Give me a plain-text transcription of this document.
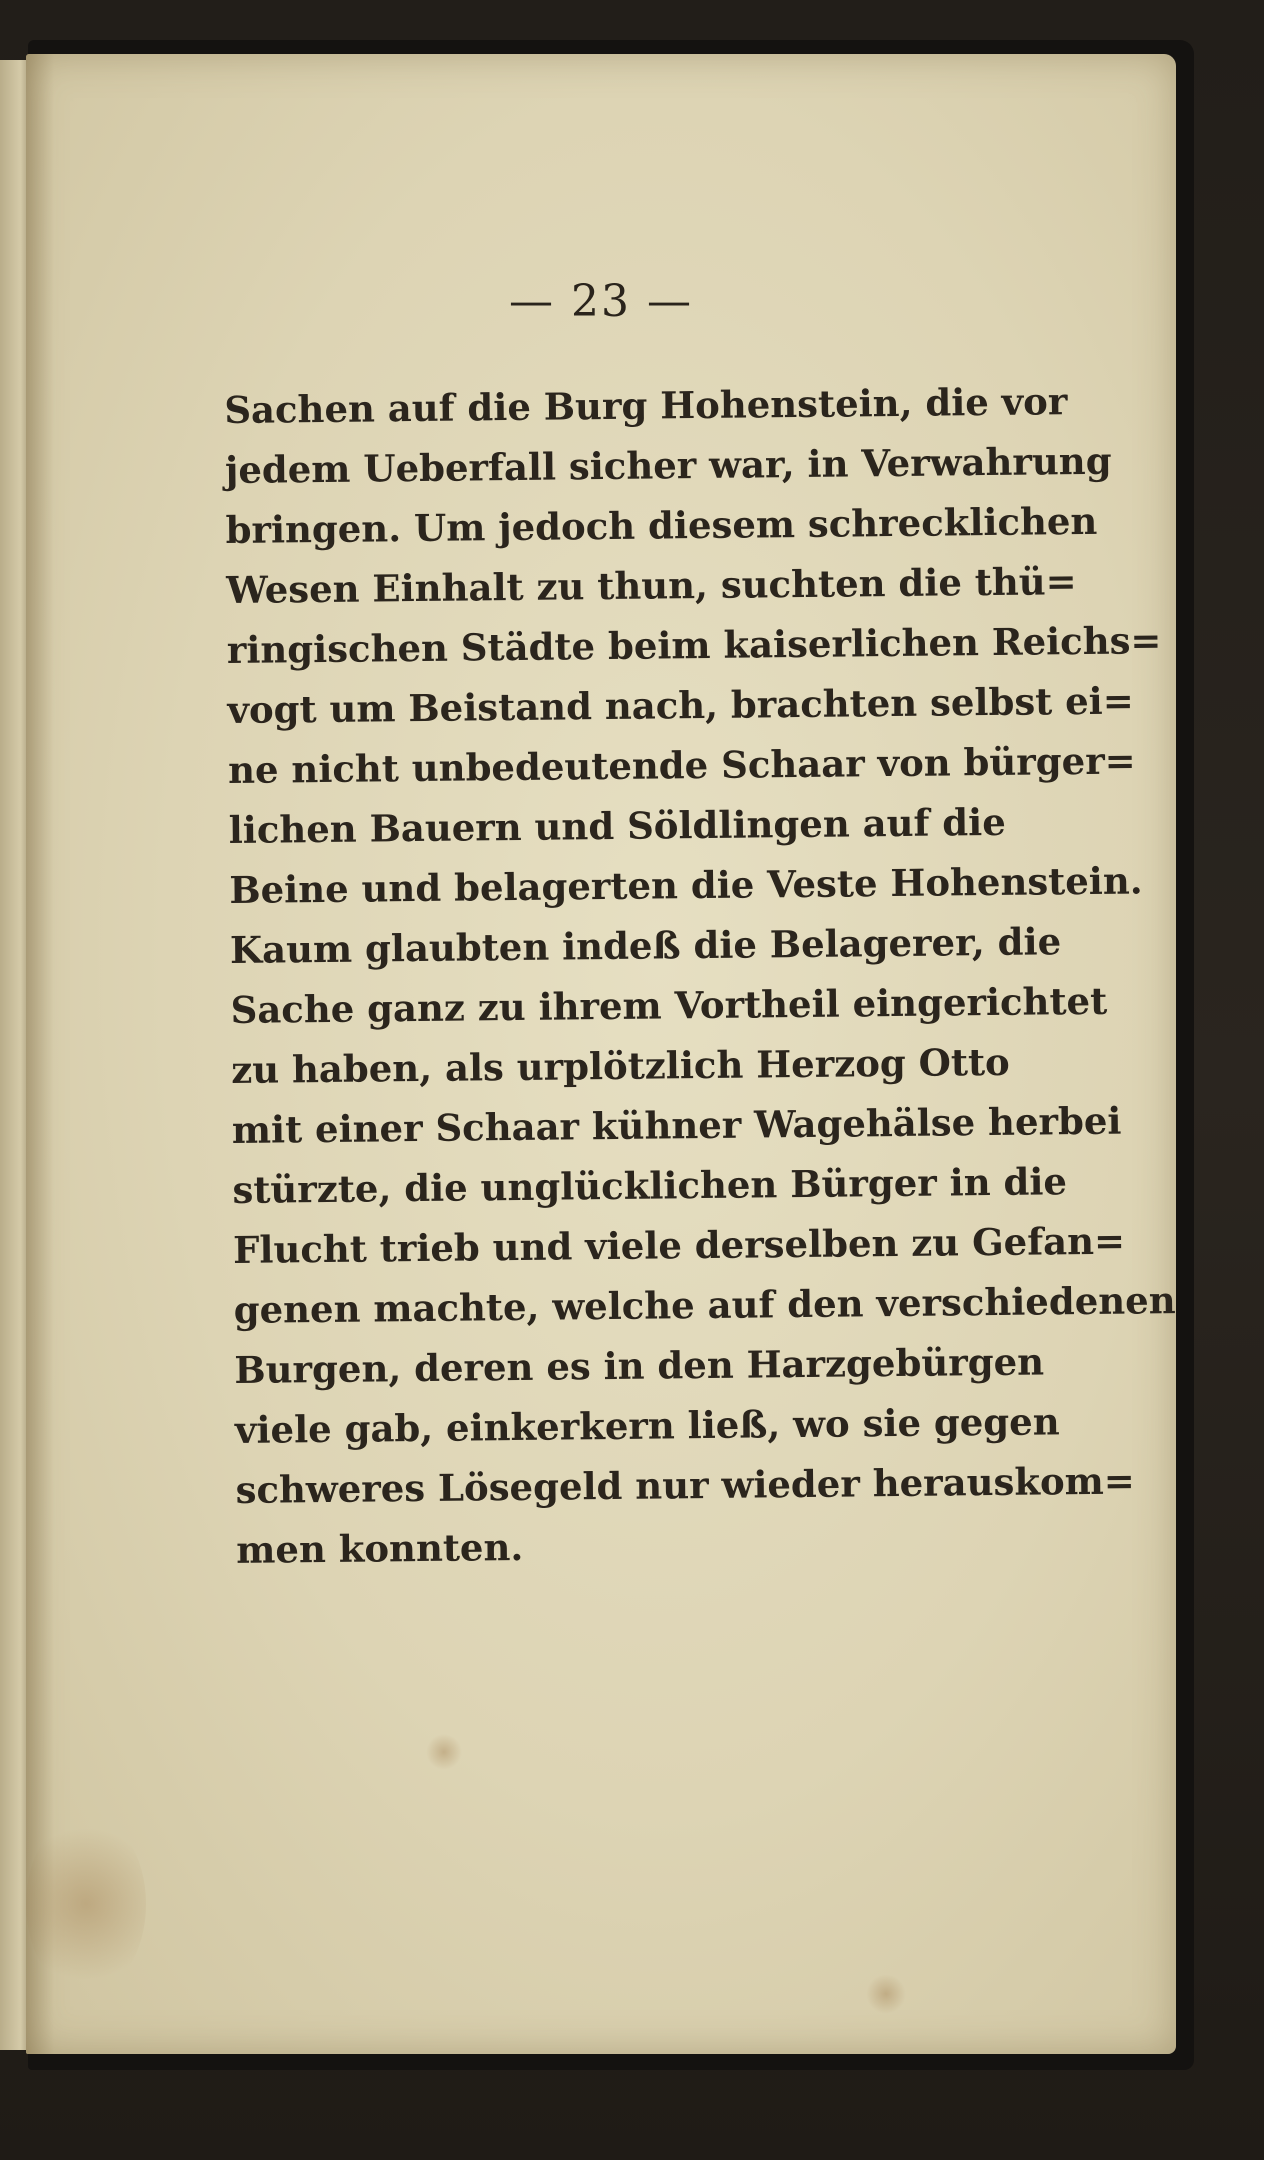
— 23 —
Sachen auf die Burg Hohenstein, die vor
jedem Ueberfall sicher war, in Verwahrung
bringen. Um jedoch diesem schrecklichen
Wesen Einhalt zu thun, suchten die thü=
ringischen Städte beim kaiserlichen Reichs=
vogt um Beistand nach, brachten selbst ei=
ne nicht unbedeutende Schaar von bürger=
lichen Bauern und Söldlingen auf die
Beine und belagerten die Veste Hohenstein.
Kaum glaubten indeß die Belagerer, die
Sache ganz zu ihrem Vortheil eingerichtet
zu haben, als urplötzlich Herzog Otto
mit einer Schaar kühner Wagehälse herbei
stürzte, die unglücklichen Bürger in die
Flucht trieb und viele derselben zu Gefan=
genen machte, welche auf den verschiedenen
Burgen, deren es in den Harzgebürgen
viele gab, einkerkern ließ, wo sie gegen
schweres Lösegeld nur wieder herauskom=
men konnten.
